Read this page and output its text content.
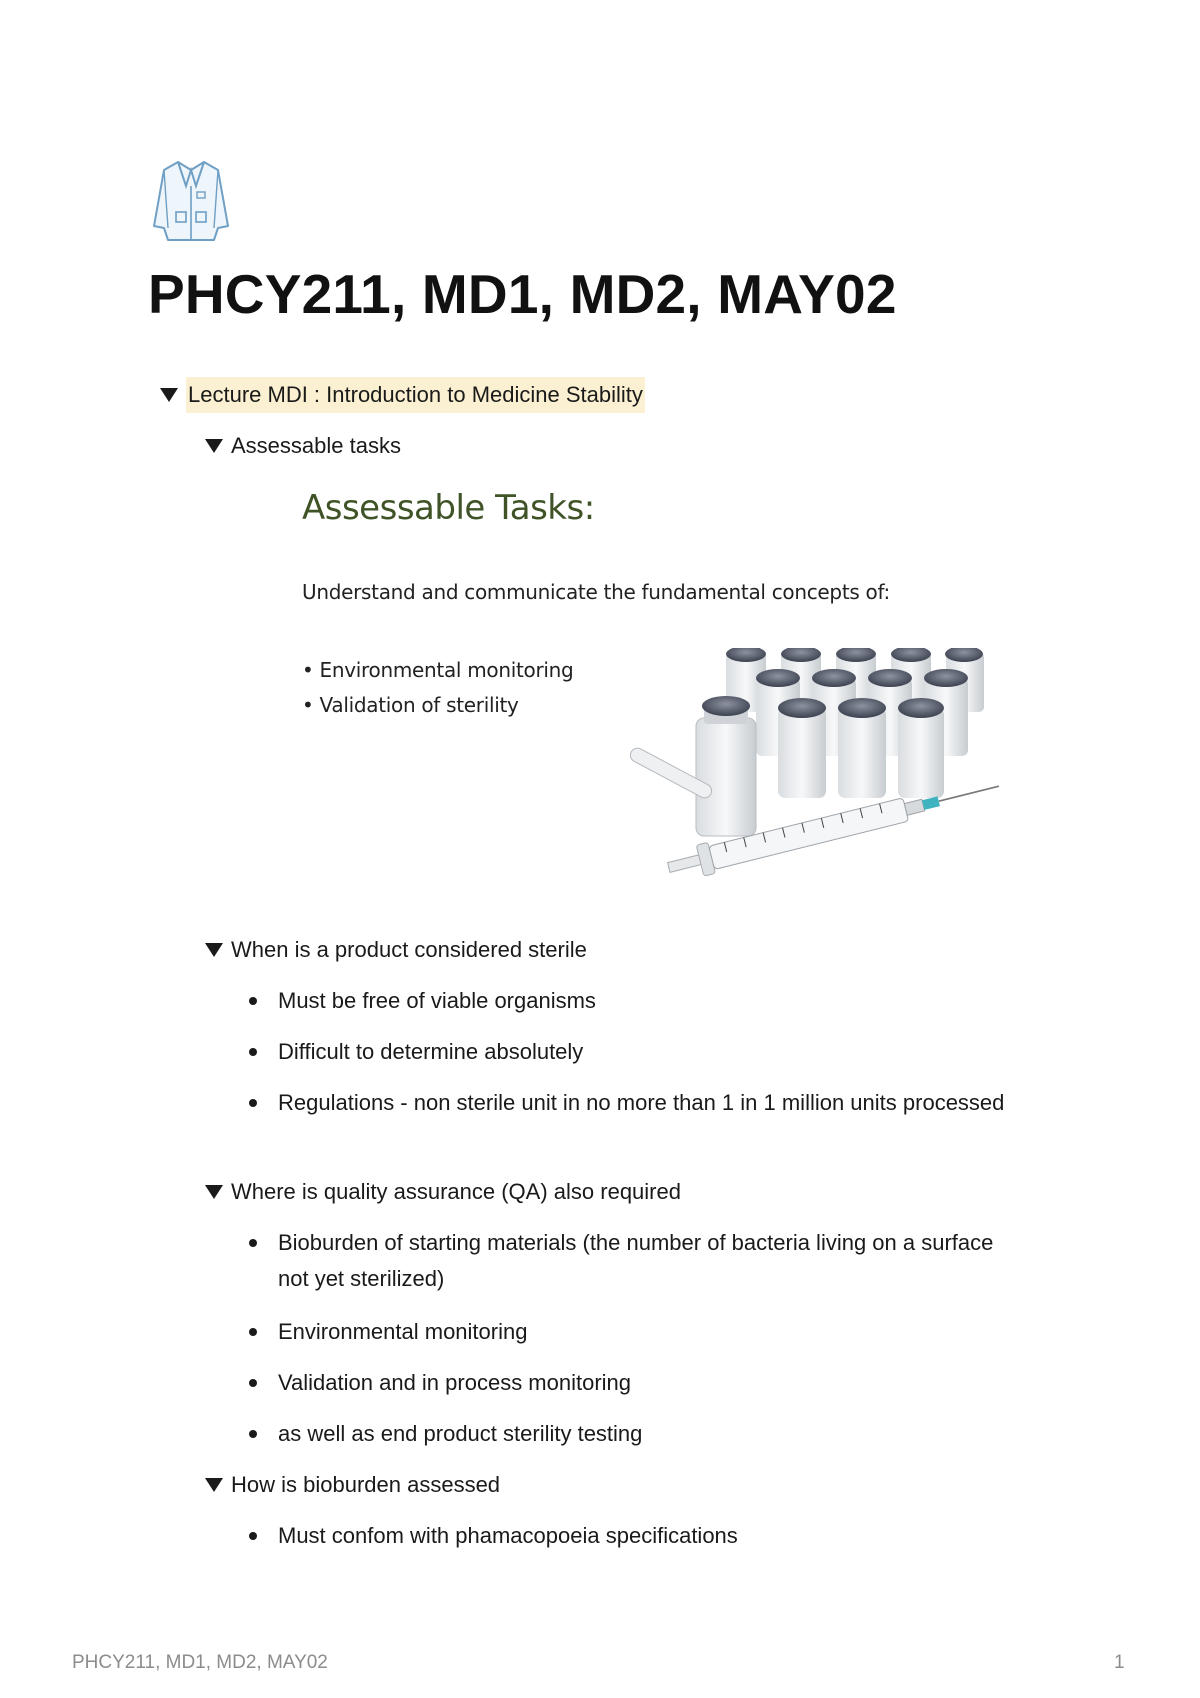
PHCY211, MD1, MD2, MAY02
Lecture MDI : Introduction to Medicine Stability
Assessable tasks
Assessable Tasks:
Understand and communicate the fundamental concepts of:
• Environmental monitoring
• Validation of sterility
When is a product considered sterile
Must be free of viable organisms
Difficult to determine absolutely
Regulations - non sterile unit in no more than 1 in 1 million units processed
Where is quality assurance (QA) also required
Bioburden of starting materials (the number of bacteria living on a surface not yet sterilized)
Environmental monitoring
Validation and in process monitoring
as well as end product sterility testing
How is bioburden assessed
Must confom with phamacopoeia specifications
PHCY211, MD1, MD2, MAY02	1
